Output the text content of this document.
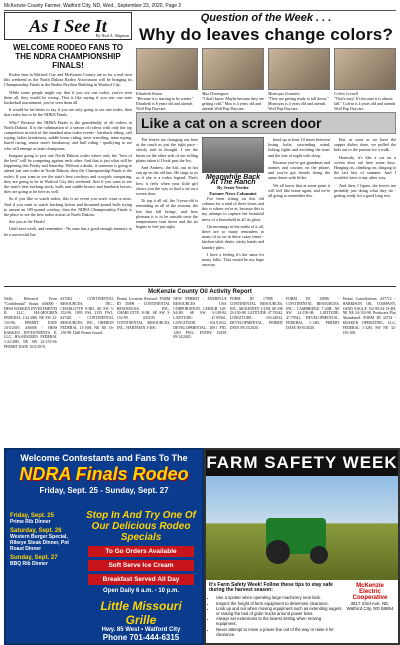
McKenzie County Farmer, Watford City, ND, Wed., September 23, 2020, Page 2
As I See It
By Neal A. Shipman
WELCOME RODEO FANS TO THE NDRA CHAMPIONSHIP FINALS!

Rodeo fans in Watford City and McKenzie County are in for a real treat this weekend as the North Dakota Rodeo Association will be bringing its Championship Finals to the Rodeo Pavilion Building in Watford City.

While some people might say that if you see one rodeo, you've seen them all, they would be wrong. That is like saying if you saw one state basketball tournament, you've seen them all.

It would be far better to say if you are only going to see one rodeo, then that rodeo has to be the NDRA Finals.

Why? Because the NDRA Finals is the granddaddy of all rodeos in North Dakota. It is the culmination of a season of rodeos with only the top competitors in each of the standard nine rodeo events - bareback riding, calf roping, ladies breakaway, saddle bronc riding, steer wrestling, team roping, barrel racing, senior men's breakaway, and bull riding - qualifying to see who will emerge as state champions.

Imagine going to just one North Dakota rodeo where only the "best of the best" will be competing against each other. And that is just what will be happening this Friday and Saturday. Without a doubt, if someone is going to attend just one rodeo in North Dakota, then the Championship Finals is the rodeo. If you want to see the state's best cowboys and cowgirls competing, they are going to be in Watford City this weekend. And if you want to see the state's best bucking stock, bulls and saddle broncs and bareback horses, they are going to be here as well.

So if you like to watch rodeo, this is an event you won't want to miss. And if you want to watch bucking horses and thousand-pound bulls trying to unseat an 185-pound cowboy, then the NDRA Championship Finals is the place to see the best rodeo action in North Dakota.

See you at the Finals!

Until next week, and remember - No man has a good enough memory to be a successful liar.

Question of the Week . . .
Why do leaves change colors?
Elizabeth Keane
"Because it is starting to be winter." Elizabeth is 8 years old and attends Wolf Pup Daycare.
Max Dominguez
"I don't know. Maybe because they are getting cold." Max is 4 years old and attends Wolf Pup Daycare.
Montoyas Gonzalez
"They are getting ready to fall down." Montoyas is 4 years old and attends Wolf Pup Daycare.
Colvin Cornell
"That's easy! It's because it is almost fall." Colvin is 4 years old and attends Wolf Pup Daycare.
Like a cat on a screen door

The leaves are changing out here at the ranch as just the right pace - slowly and in thought. I see the buses on the other side of our rolling plains taken if I look past the Ivy.

And Andrew, the kid, out in hot sun up on the old bus. He sings to us as if she is a rodeo legend. That's how it feels when your little girl shows you the way to find a cat on a screen door.

To top it all off, the 3-year-old is reminding us all of the seasons, the fun that fall brings, and how pleasant it is to be outside once the temperatures turn down and the air begins to feel just right.

Meanwhile Back At The Ranch
By Jessie Veeder
Farmer News Columnist

I've been sitting on this old column for a total of three hours and this is where we're at, because this is my attempt to capture the beautiful mess of a household in all its glory.

On mornings in the midst of it all, there are so many reminders to many of us on in these crazy times - kitchen table desks, sticky hands and laundry piles.

I have a feeling it's the same for many folks. That would be my hope anyway.

lined up at least 10 times between losing bolts, unwinding mind, fishing fights and avoiding the tears and the fear of night with sleep.

Because you've got grandmas and aunties and cousins on the phone, and you've got friends doing the same dance with littles.

We all know that at some point it will feel like home again, and we're all going to remember this.

But, as soon as we have the supper dishes done, we pulled the kids out to the pasture for a walk.

Honestly, it's like a cat on a screen door out here some days. Hanging on, climbing on, clinging to the last bits of summer. And I wouldn't have it any other way.

And then, I figure, the leaves are probably just doing what they do - getting ready for a good long rest.

McKenzie County Oil Activity Report

Wells Released From "Confidential" Status: #36000 - HESS BAKKEN INVESTMENTS II, LLC, HA-MOGREN FEDERAL 1-22-28B, NE SW 22-153-96, PERMIT DATE 10/3/2019. #36006 - HESS BAKKEN INVESTMENTS II, LLC, HA-MOGREN FEDERAL 1-22-28H, NE SW 22-153-96. PERMIT DATE 10/3/2019.

#37284 - CONTINENTAL RESOURCES, INC., CHARLOTTE 9-3H1, SE SW 3-152-99, 1895 FSL 2155 FWL. #37401 - CONTINENTAL RESOURCES, INC., OBERON FEDERAL 13-16H, NE NE 16-150-98. Drill Permit Issued.

Permit Location Revised: FORM ID 35098 - CONTINENTAL RESOURCES, INC., CHARLOTTE 8-3H, SE SW 3-152-99. #35100 - CONTINENTAL RESOURCES, INC., HARTMAN 3-3H1.

NEW PERMIT - ENERPLUS RESOURCES USA CORPORATION, LEHIGH 149-94-3B, SE SW 3-149-94. LATITUDE: 47.85561, LONGITUDE: -102.91032, DEVELOPMENTAL, 2001 FNL 1265 FWL. ENTRY DATE 09/14/2020.

FORM ID 17998 - CONTINENTAL RESOURCES, INC., MCKINNEY 1-23H, SE SW 23-150-98. LATITUDE: 47.76542, LONGITUDE: -103.44812, DEVELOPMENTAL, PERMIT DATE 09/15/2020.

FORM ID 35086 - CONTINENTAL RESOURCES, INC., CAMBRIDGE 7-24H, NE SW 24-150-98. LATITUDE: 47.79541, DEVELOPMENTAL, FEDERAL 1-12H, PERMIT DATE 09/10/2020.

Permit Cancellations: #37712 - HARRISON OIL COMPANY, SAND EAGLE 152-98-24-13-4H, NE NE 24-152-98. Producers Plus Abandoned: FORM ID 33734 - KRAKEN OPERATING, LLC, FEDERAL 1-32H, SW NE 32-150-100.

Welcome Contestants and Fans To The
NDRA Finals Rodeo
Friday, Sept. 25 - Sunday, Sept. 27
Friday, Sept. 25
Prime Rib Dinner
Saturday, Sept. 26
Western Burger Special, Ribeye Steak Dinner, Pot Roast Dinner
Sunday, Sept. 27
BBQ Rib Dinner
Stop In And Try One Of Our Delicious Rodeo Specials
To Go Orders Available
Soft Serve Ice Cream
Breakfast Served All Day
Open Daily 6 a.m. - 10 p.m.
Little Missouri Grille
Hwy. 85 West • Watford City
Phone 701-444-6315
FARM SAFETY WEEK
It's Farm Safety Week! Follow these tips to stay safe during the harvest season:
• Use a spotter when operating large machinery near kids.
• Inspect the height of farm equipment to determine clearance.
• Look up and out when moving equipment such as extending augers or raising the bed of grain trucks around power lines.
• Always set extensions to the lowest setting when moving equipment.
• Never attempt to move a power line out of the way or raise it for clearance.
McKenzie Electric Cooperative
3817 23rd Ave. NE, Watford City, ND 58854
